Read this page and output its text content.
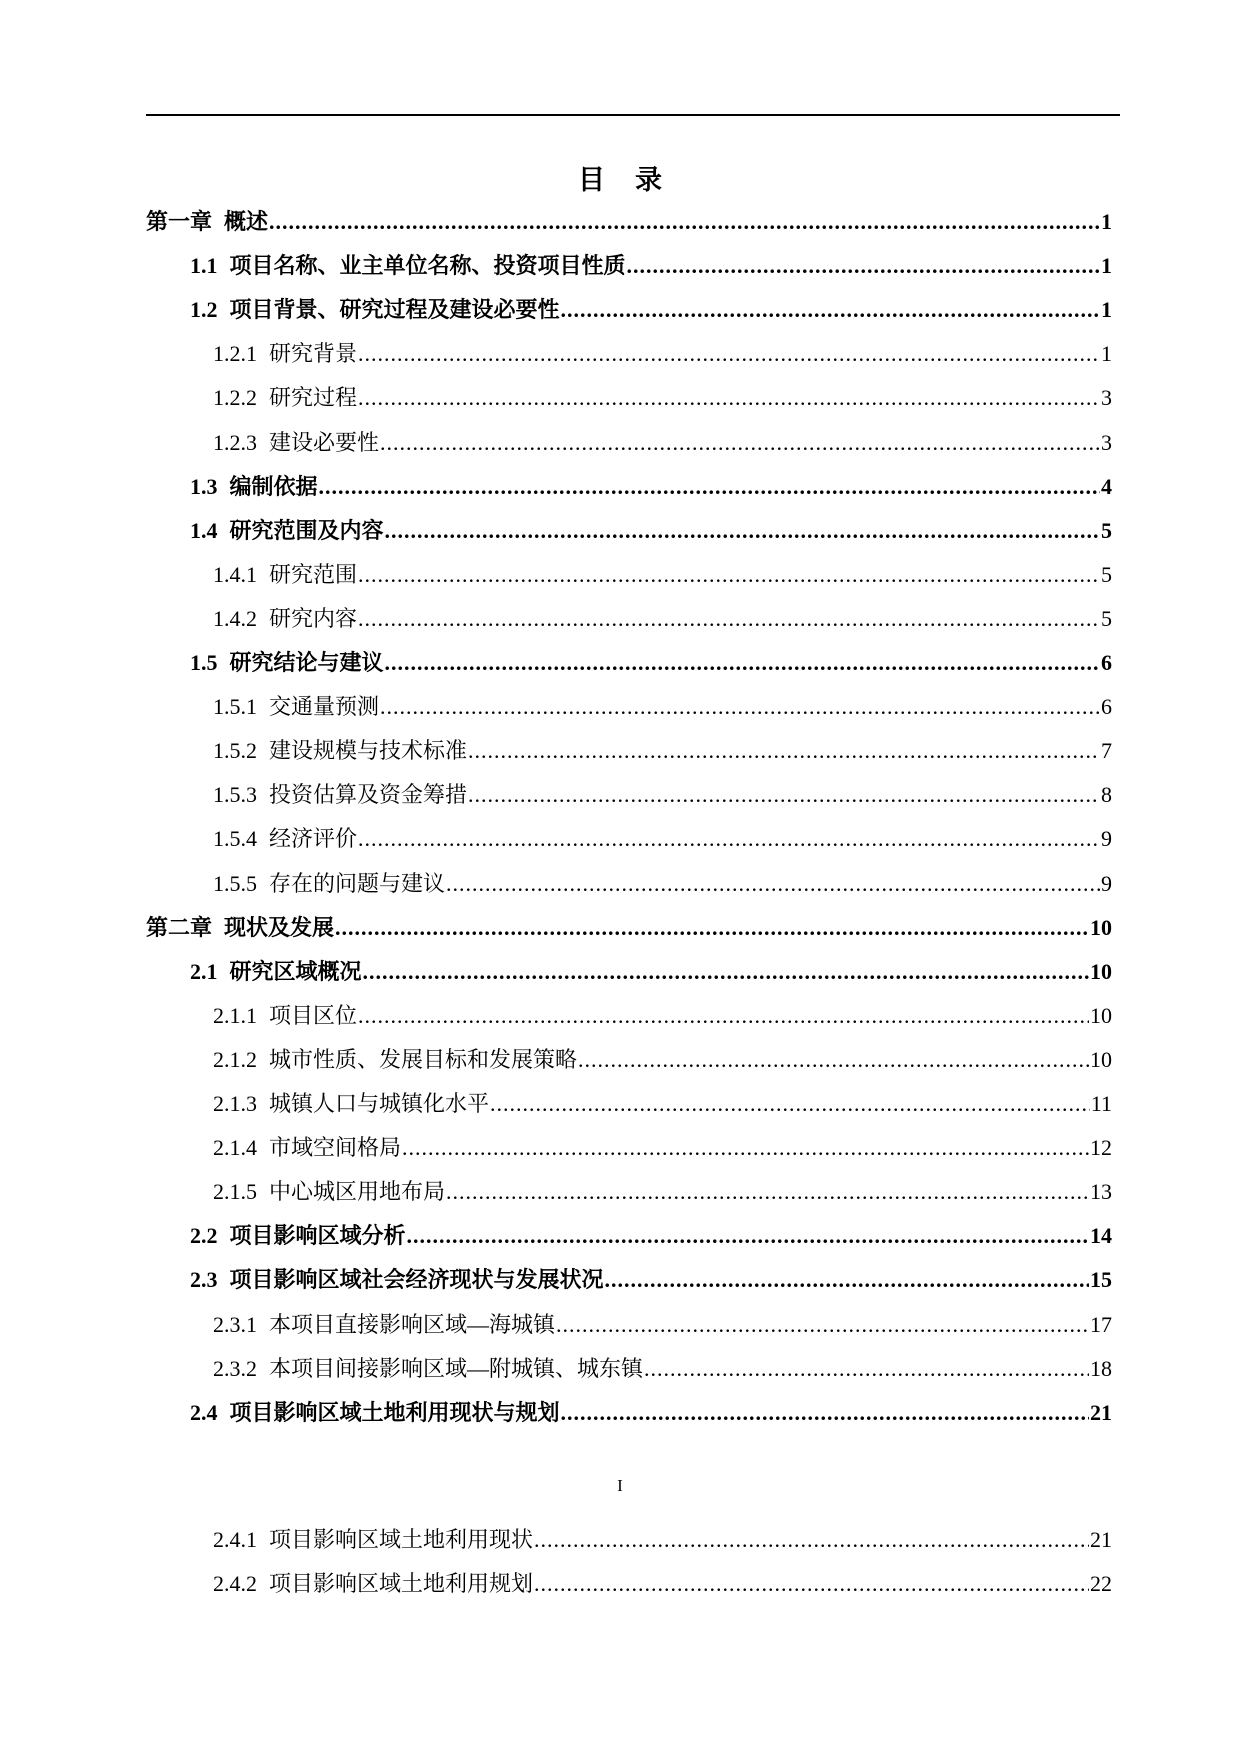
目录
第一章 概述 .....	1
1.1 项目名称、业主单位名称、投资项目性质 .....	1
1.2 项目背景、研究过程及建设必要性 .....	1
1.2.1 研究背景 .....	1
1.2.2 研究过程 .....	3
1.2.3 建设必要性 .....	3
1.3 编制依据 .....	4
1.4 研究范围及内容 .....	5
1.4.1 研究范围 .....	5
1.4.2 研究内容 .....	5
1.5 研究结论与建议 .....	6
1.5.1 交通量预测 .....	6
1.5.2 建设规模与技术标准 .....	7
1.5.3 投资估算及资金筹措 .....	8
1.5.4 经济评价 .....	9
1.5.5 存在的问题与建议 .....	9
第二章 现状及发展 .....	10
2.1 研究区域概况 .....	10
2.1.1 项目区位 .....	10
2.1.2 城市性质、发展目标和发展策略 .....	10
2.1.3 城镇人口与城镇化水平 .....	11
2.1.4 市域空间格局 .....	12
2.1.5 中心城区用地布局 .....	13
2.2 项目影响区域分析 .....	14
2.3 项目影响区域社会经济现状与发展状况 .....	15
2.3.1 本项目直接影响区域—海城镇 .....	17
2.3.2 本项目间接影响区域—附城镇、城东镇 .....	18
2.4 项目影响区域土地利用现状与规划 .....	21
2.4.1 项目影响区域土地利用现状 .....	21
2.4.2 项目影响区域土地利用规划 .....	22
I
